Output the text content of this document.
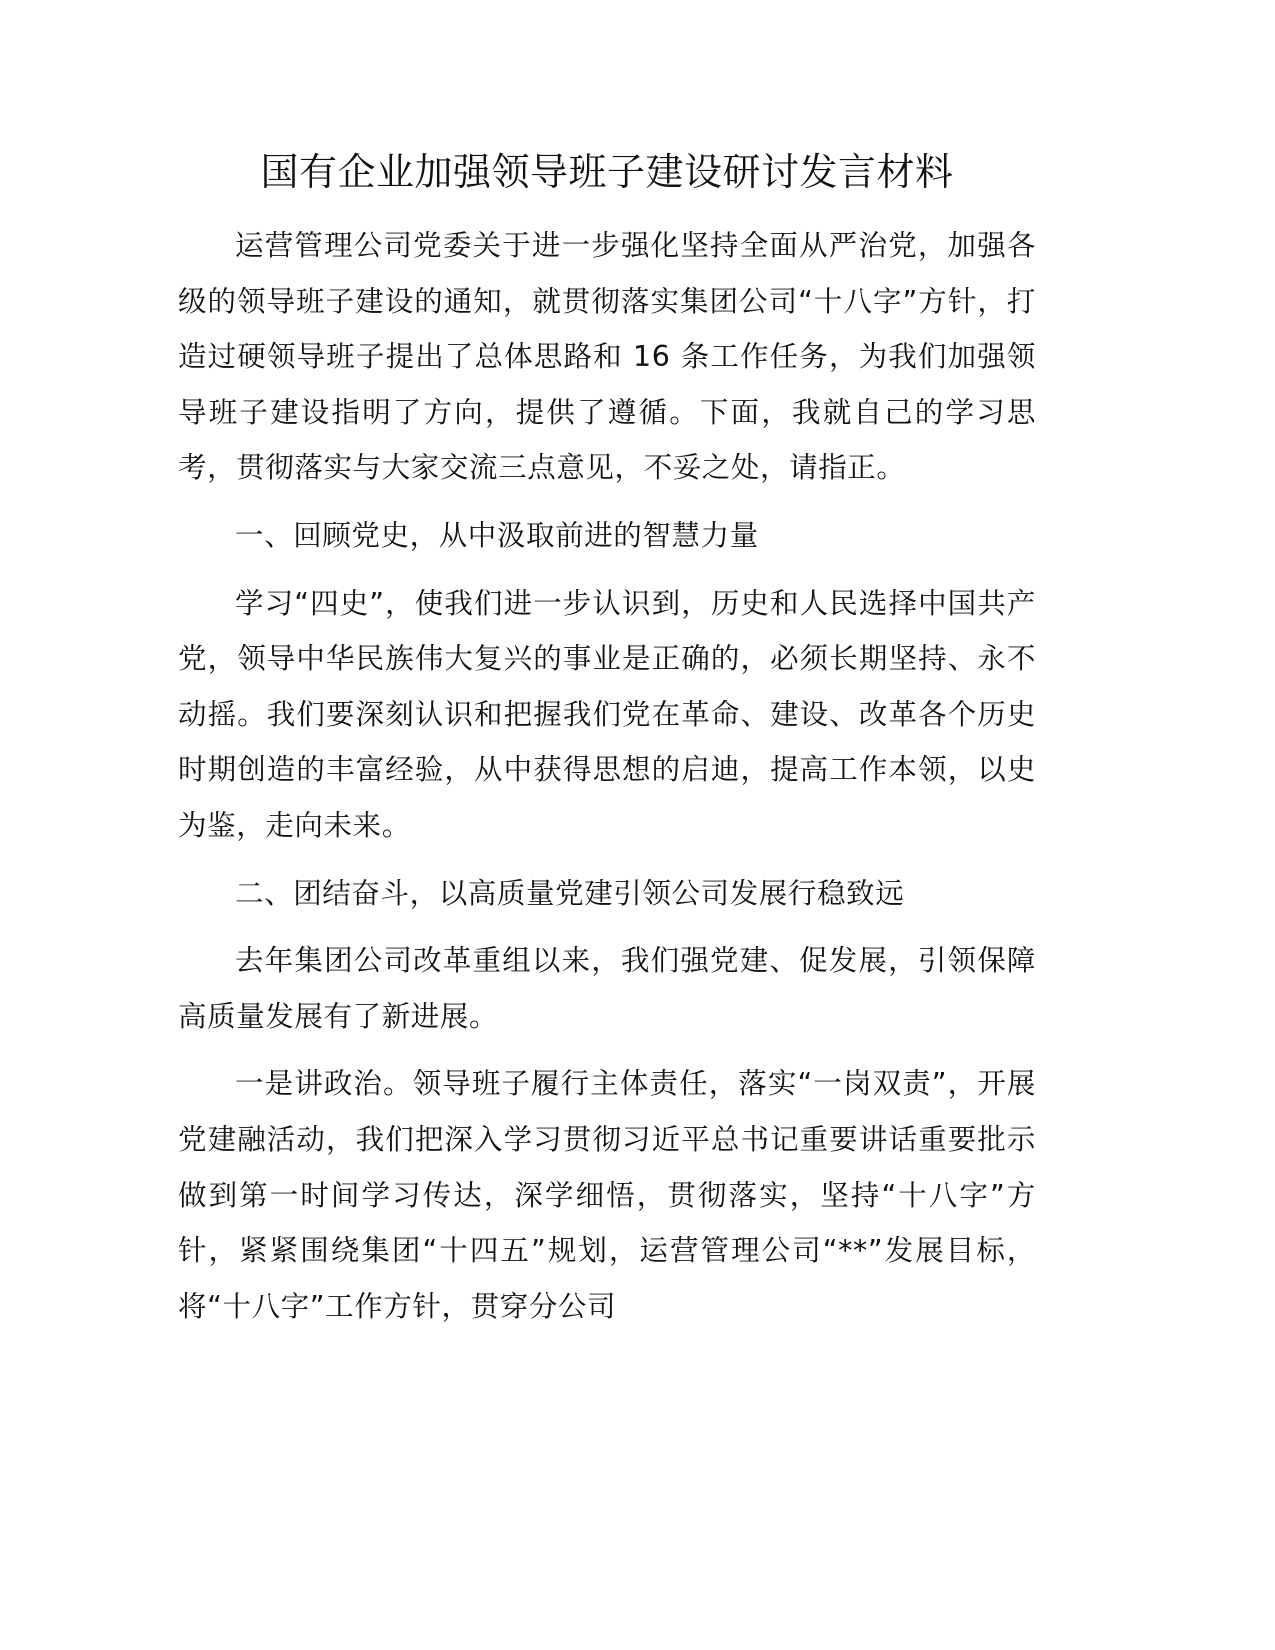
国有企业加强领导班子建设研讨发言材料

运营管理公司党委关于进一步强化坚持全面从严治党，加强各级的领导班子建设的通知，就贯彻落实集团公司“十八字”方针，打造过硬领导班子提出了总体思路和 16 条工作任务，为我们加强领导班子建设指明了方向，提供了遵循。下面，我就自己的学习思考，贯彻落实与大家交流三点意见，不妥之处，请指正。

一、回顾党史，从中汲取前进的智慧力量

学习“四史”，使我们进一步认识到，历史和人民选择中国共产党，领导中华民族伟大复兴的事业是正确的，必须长期坚持、永不动摇。我们要深刻认识和把握我们党在革命、建设、改革各个历史时期创造的丰富经验，从中获得思想的启迪，提高工作本领，以史为鉴，走向未来。

二、团结奋斗，以高质量党建引领公司发展行稳致远

去年集团公司改革重组以来，我们强党建、促发展，引领保障高质量发展有了新进展。

一是讲政治。领导班子履行主体责任，落实“一岗双责”，开展党建融活动，我们把深入学习贯彻习近平总书记重要讲话重要批示做到第一时间学习传达，深学细悟，贯彻落实，坚持“十八字”方针，紧紧围绕集团“十四五”规划，运营管理公司“**”发展目标，将“十八字”工作方针，贯穿分公司
